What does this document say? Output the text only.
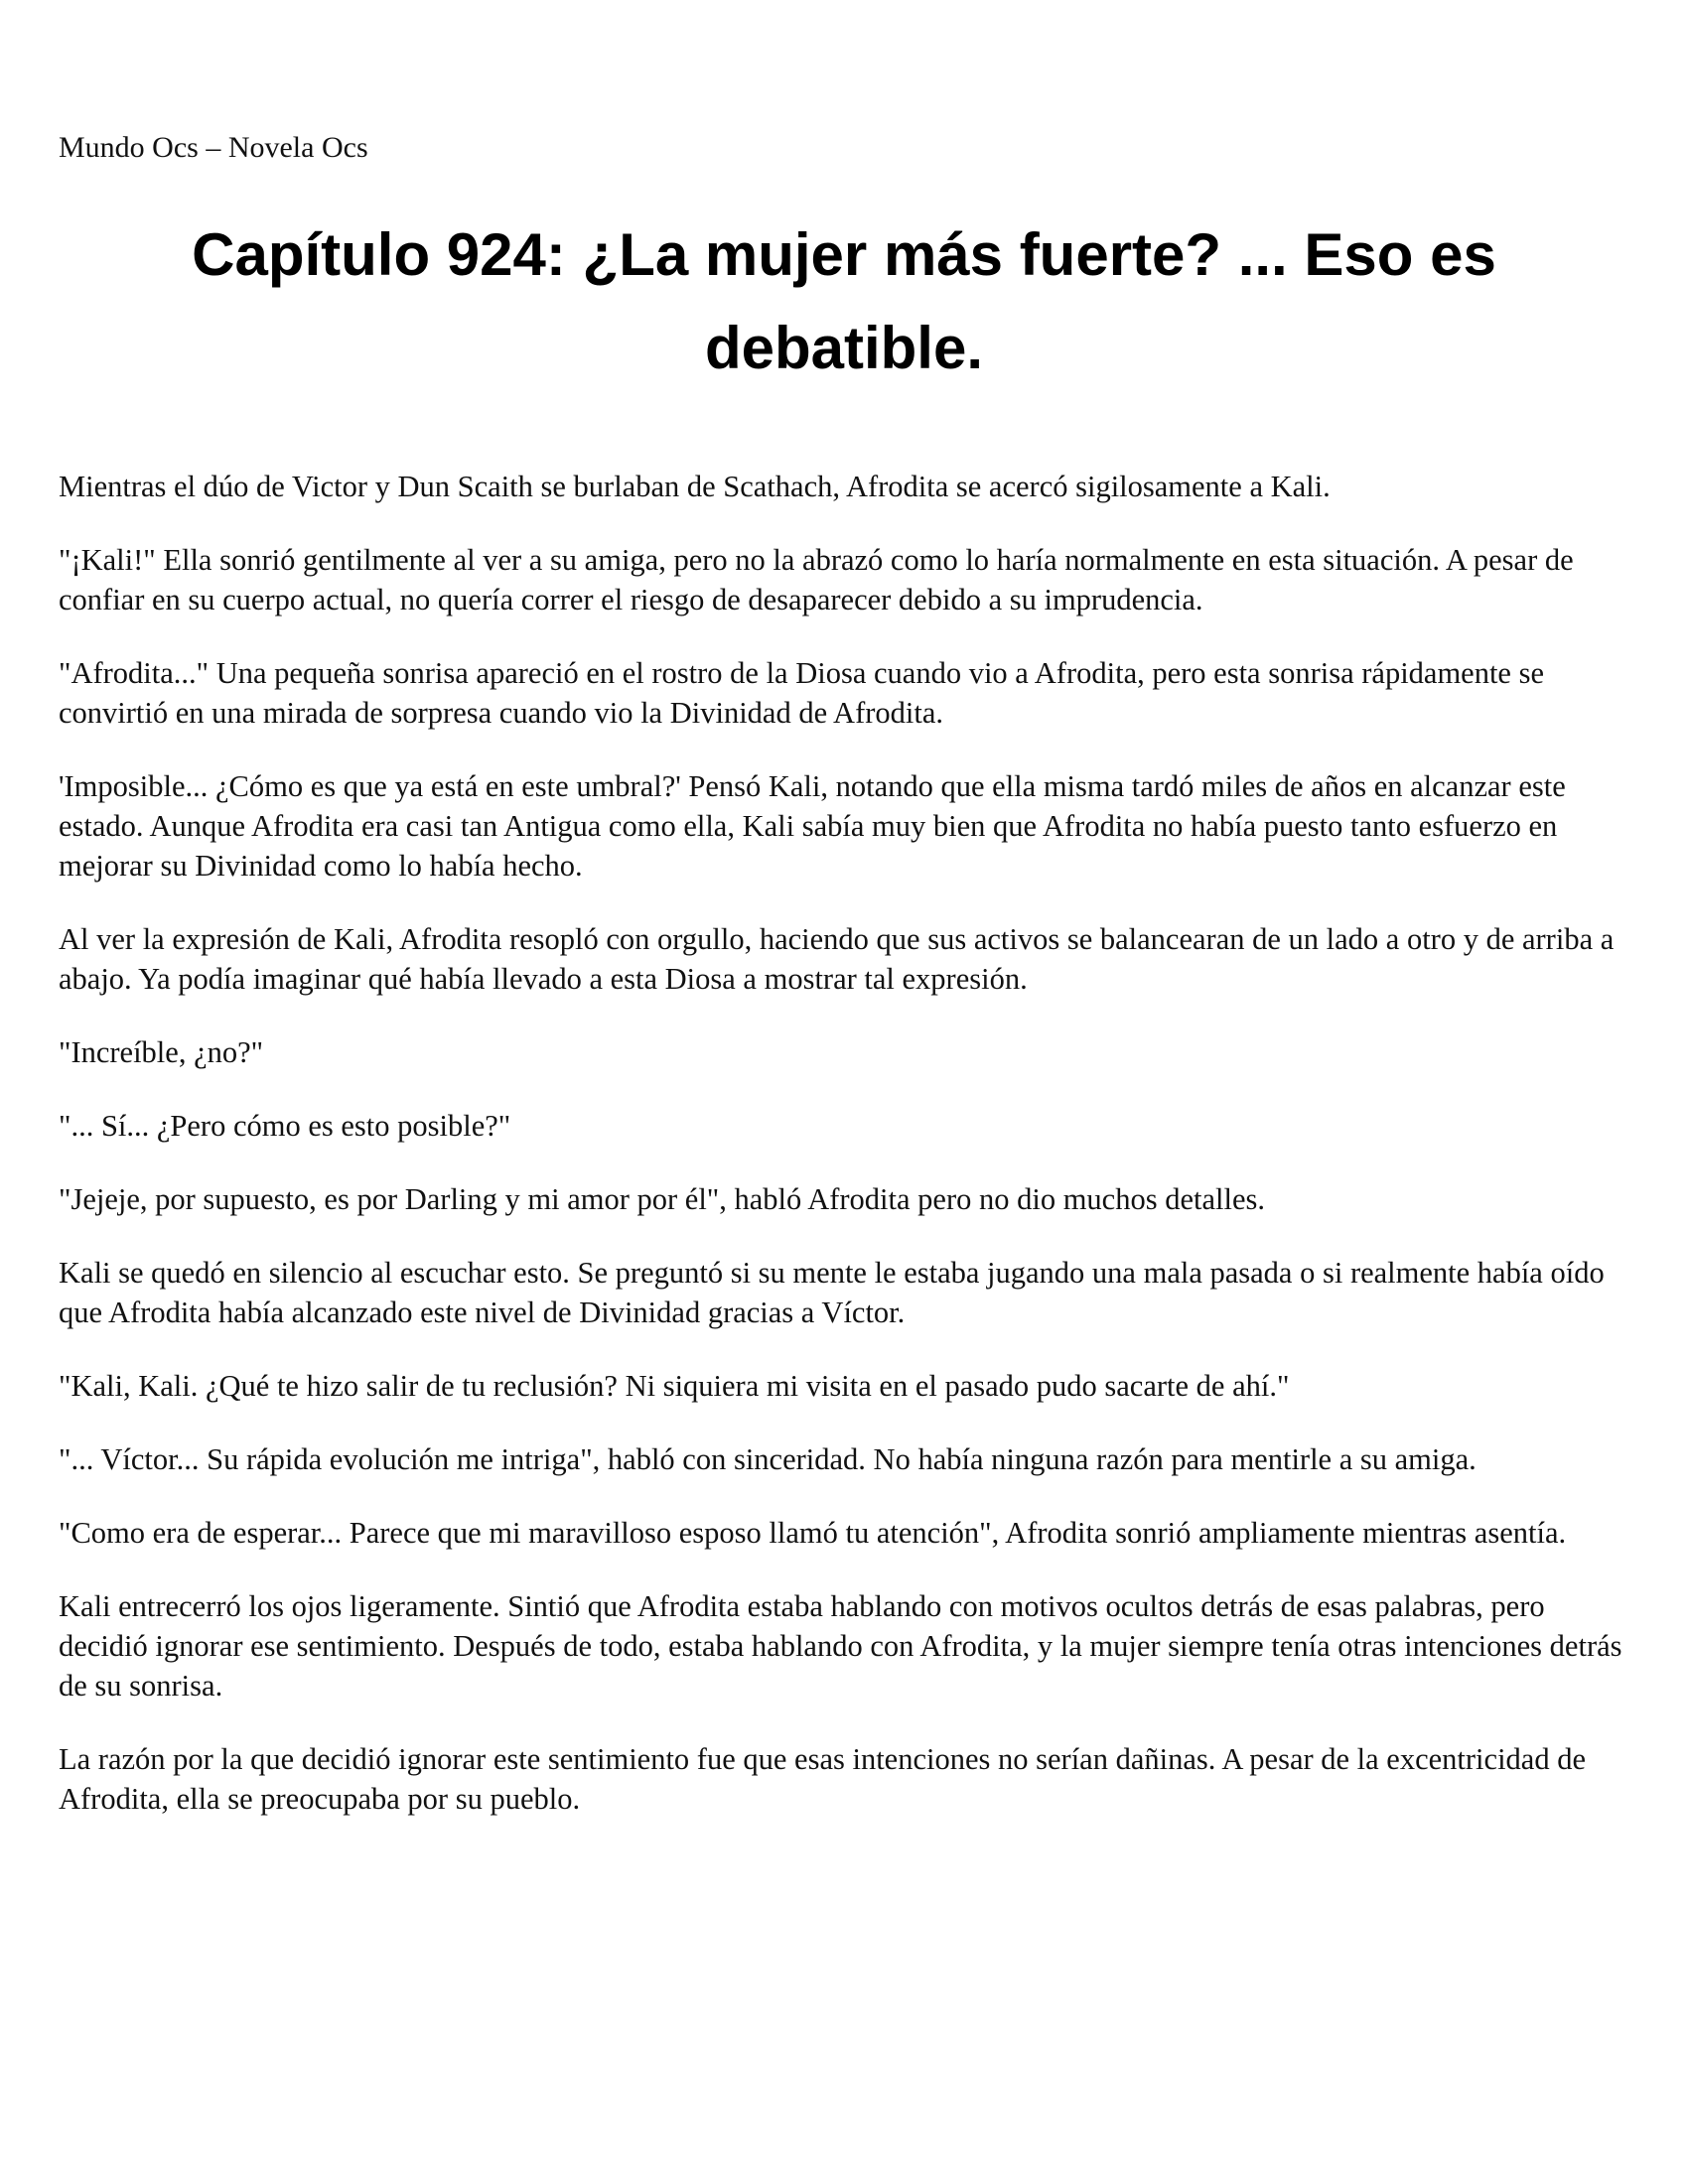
Mundo Ocs – Novela Ocs
Capítulo 924: ¿La mujer más fuerte? ... Eso es debatible.

Mientras el dúo de Victor y Dun Scaith se burlaban de Scathach, Afrodita se acercó sigilosamente a Kali.

"¡Kali!" Ella sonrió gentilmente al ver a su amiga, pero no la abrazó como lo haría normalmente en esta situación. A pesar de confiar en su cuerpo actual, no quería correr el riesgo de desaparecer debido a su imprudencia.

"Afrodita..." Una pequeña sonrisa apareció en el rostro de la Diosa cuando vio a Afrodita, pero esta sonrisa rápidamente se convirtió en una mirada de sorpresa cuando vio la Divinidad de Afrodita.

'Imposible... ¿Cómo es que ya está en este umbral?' Pensó Kali, notando que ella misma tardó miles de años en alcanzar este estado. Aunque Afrodita era casi tan Antigua como ella, Kali sabía muy bien que Afrodita no había puesto tanto esfuerzo en mejorar su Divinidad como lo había hecho.

Al ver la expresión de Kali, Afrodita resopló con orgullo, haciendo que sus activos se balancearan de un lado a otro y de arriba a abajo. Ya podía imaginar qué había llevado a esta Diosa a mostrar tal expresión.

"Increíble, ¿no?"

"... Sí... ¿Pero cómo es esto posible?"

"Jejeje, por supuesto, es por Darling y mi amor por él", habló Afrodita pero no dio muchos detalles.

Kali se quedó en silencio al escuchar esto. Se preguntó si su mente le estaba jugando una mala pasada o si realmente había oído que Afrodita había alcanzado este nivel de Divinidad gracias a Víctor.

"Kali, Kali. ¿Qué te hizo salir de tu reclusión? Ni siquiera mi visita en el pasado pudo sacarte de ahí."

"... Víctor... Su rápida evolución me intriga", habló con sinceridad. No había ninguna razón para mentirle a su amiga.

"Como era de esperar... Parece que mi maravilloso esposo llamó tu atención", Afrodita sonrió ampliamente mientras asentía.

Kali entrecerró los ojos ligeramente. Sintió que Afrodita estaba hablando con motivos ocultos detrás de esas palabras, pero decidió ignorar ese sentimiento. Después de todo, estaba hablando con Afrodita, y la mujer siempre tenía otras intenciones detrás de su sonrisa.

La razón por la que decidió ignorar este sentimiento fue que esas intenciones no serían dañinas. A pesar de la excentricidad de Afrodita, ella se preocupaba por su pueblo.
